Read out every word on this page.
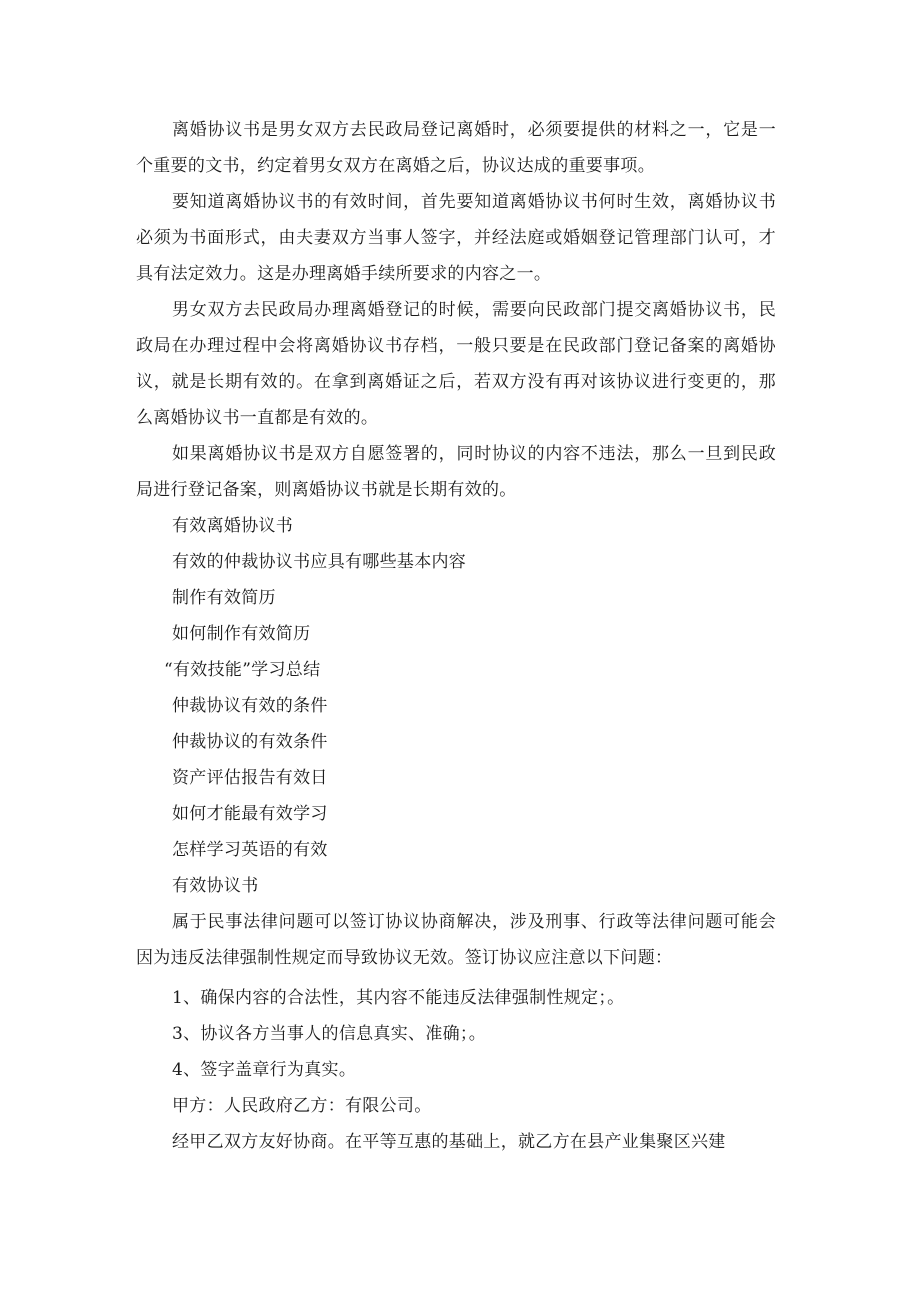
离婚协议书是男女双方去民政局登记离婚时，必须要提供的材料之一，它是一个重要的文书，约定着男女双方在离婚之后，协议达成的重要事项。

要知道离婚协议书的有效时间，首先要知道离婚协议书何时生效，离婚协议书必须为书面形式，由夫妻双方当事人签字，并经法庭或婚姻登记管理部门认可，才具有法定效力。这是办理离婚手续所要求的内容之一。

男女双方去民政局办理离婚登记的时候，需要向民政部门提交离婚协议书，民政局在办理过程中会将离婚协议书存档，一般只要是在民政部门登记备案的离婚协议，就是长期有效的。在拿到离婚证之后，若双方没有再对该协议进行变更的，那么离婚协议书一直都是有效的。

如果离婚协议书是双方自愿签署的，同时协议的内容不违法，那么一旦到民政局进行登记备案，则离婚协议书就是长期有效的。

有效离婚协议书

有效的仲裁协议书应具有哪些基本内容

制作有效简历

如何制作有效简历

“有效技能”学习总结

仲裁协议有效的条件

仲裁协议的有效条件

资产评估报告有效日

如何才能最有效学习

怎样学习英语的有效

有效协议书

属于民事法律问题可以签订协议协商解决，涉及刑事、行政等法律问题可能会因为违反法律强制性规定而导致协议无效。签订协议应注意以下问题：

1、确保内容的合法性，其内容不能违反法律强制性规定；。

3、协议各方当事人的信息真实、准确；。

4、签字盖章行为真实。

甲方：人民政府乙方：有限公司。

经甲乙双方友好协商。在平等互惠的基础上，就乙方在县产业集聚区兴建
